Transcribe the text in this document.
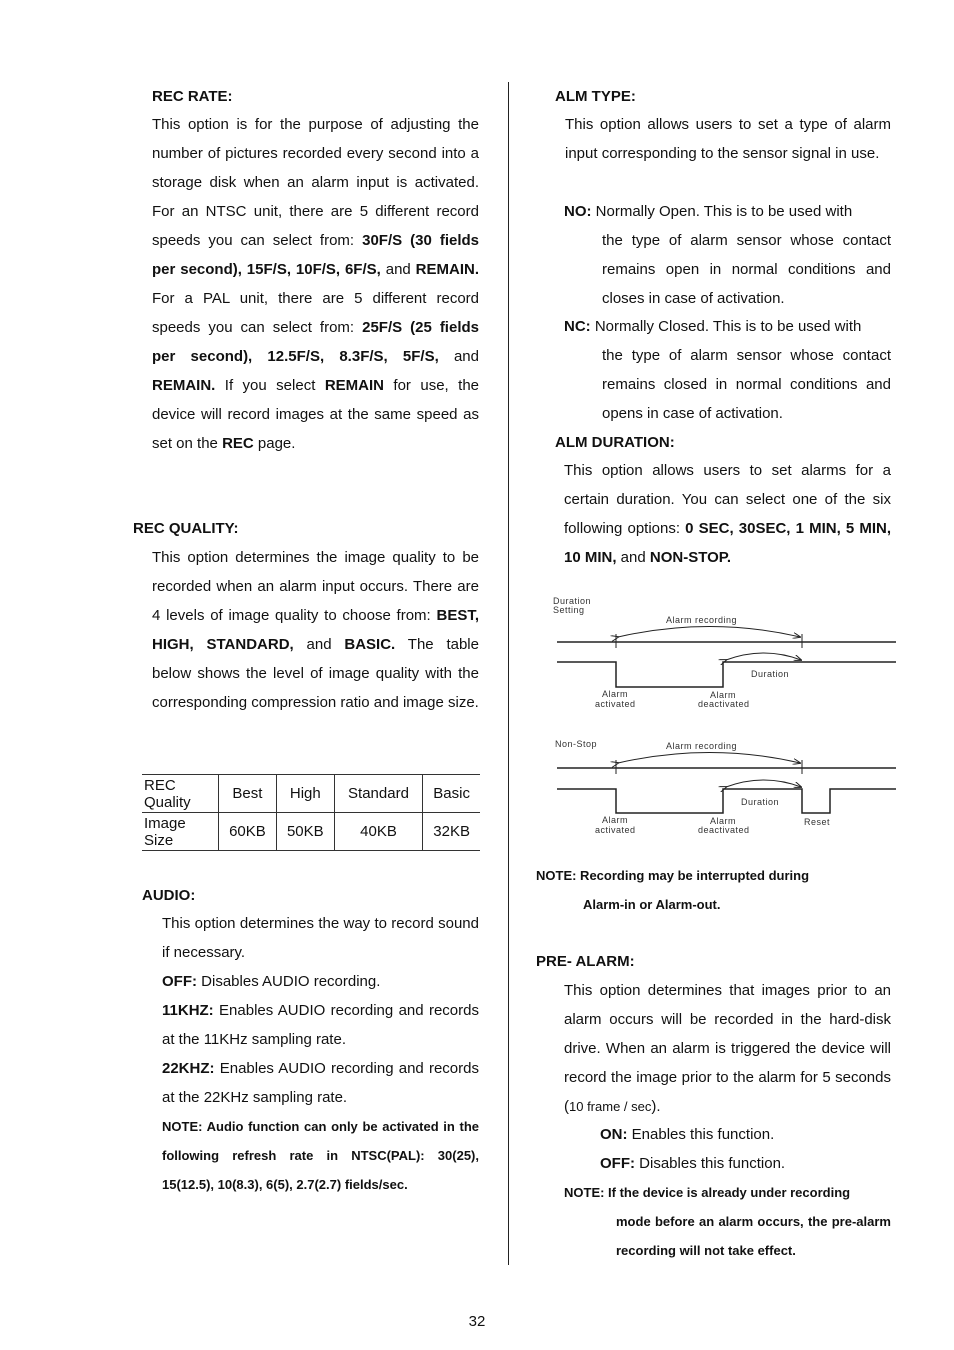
REC RATE:
This option is for the purpose of adjusting the number of pictures recorded every second into a storage disk when an alarm input is activated. For an NTSC unit, there are 5 different record speeds you can select from: 30F/S (30 fields per second), 15F/S, 10F/S, 6F/S, and REMAIN. For a PAL unit, there are 5 different record speeds you can select from: 25F/S (25 fields per second), 12.5F/S, 8.3F/S, 5F/S, and REMAIN. If you select REMAIN for use, the device will record images at the same speed as set on the REC page.
REC QUALITY:
This option determines the image quality to be recorded when an alarm input occurs. There are 4 levels of image quality to choose from: BEST, HIGH, STANDARD, and BASIC. The table below shows the level of image quality with the corresponding compression ratio and image size.
REC Quality	Best	High	Standard	Basic
Image Size	60KB	50KB	40KB	32KB
AUDIO:
This option determines the way to record sound if necessary.
OFF: Disables AUDIO recording.
11KHZ: Enables AUDIO recording and records at the 11KHz sampling rate.
22KHZ: Enables AUDIO recording and records at the 22KHz sampling rate.
NOTE: Audio function can only be activated in the following refresh rate in NTSC(PAL): 30(25), 15(12.5), 10(8.3), 6(5), 2.7(2.7) fields/sec.
ALM TYPE:
This option allows users to set a type of alarm input corresponding to the sensor signal in use.
NO: Normally Open. This is to be used with
the type of alarm sensor whose contact remains open in normal conditions and closes in case of activation.
NC: Normally Closed. This is to be used with
the type of alarm sensor whose contact remains closed in normal conditions and opens in case of activation.
ALM DURATION:
This option allows users to set alarms for a certain duration. You can select one of the six following options: 0 SEC, 30SEC, 1 MIN, 5 MIN, 10 MIN, and NON-STOP.
Duration
Setting
Alarm recording
Duration
Alarm
activated
Alarm
deactivated
Non-Stop	Alarm recording
Duration
Alarm
activated
Alarm
deactivated
Reset
NOTE: Recording may be interrupted during
Alarm-in or Alarm-out.
PRE- ALARM:
This option determines that images prior to an alarm occurs will be recorded in the hard-disk drive. When an alarm is triggered the device will record the image prior to the alarm for 5 seconds (10 frame / sec).
ON: Enables this function.
OFF: Disables this function.
NOTE: If the device is already under recording
mode before an alarm occurs, the pre-alarm recording will not take effect.
32
